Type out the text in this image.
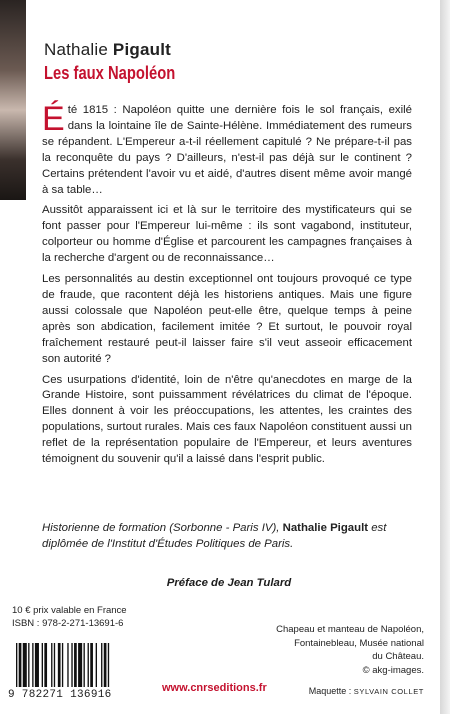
Nathalie Pigault
Les faux Napoléon

Été 1815 : Napoléon quitte une dernière fois le sol français, exilé dans la lointaine île de Sainte-Hélène. Immédiatement des rumeurs se répandent. L'Empereur a-t-il réellement capitulé ? Ne prépare-t-il pas la reconquête du pays ? D'ailleurs, n'est-il pas déjà sur le continent ? Certains prétendent l'avoir vu et aidé, d'autres disent même avoir mangé à sa table…

Aussitôt apparaissent ici et là sur le territoire des mystificateurs qui se font passer pour l'Empereur lui-même : ils sont vagabond, instituteur, colporteur ou homme d'Église et parcourent les campagnes françaises à la recherche d'argent ou de reconnaissance…

Les personnalités au destin exceptionnel ont toujours provoqué ce type de fraude, que racontent déjà les historiens antiques. Mais une figure aussi colossale que Napoléon peut-elle être, quelque temps à peine après son abdication, facilement imitée ? Et surtout, le pouvoir royal fraîchement restauré peut-il laisser faire s'il veut asseoir efficacement son autorité ?

Ces usurpations d'identité, loin de n'être qu'anecdotes en marge de la Grande Histoire, sont puissamment révélatrices du climat de l'époque. Elles donnent à voir les préoccupations, les attentes, les craintes des populations, surtout rurales. Mais ces faux Napoléon constituent aussi un reflet de la représentation populaire de l'Empereur, et leurs aventures témoignent du souvenir qu'il a laissé dans l'esprit public.

Historienne de formation (Sorbonne - Paris IV), Nathalie Pigault est diplômée de l'Institut d'Études Politiques de Paris.
Préface de Jean Tulard
10 € prix valable en France
ISBN : 978-2-271-13691-6
Chapeau et manteau de Napoléon,
Fontainebleau, Musée national
du Château.
© akg-images.
9 782271 136916
www.cnrseditions.fr	Maquette : SYLVAIN COLLET
